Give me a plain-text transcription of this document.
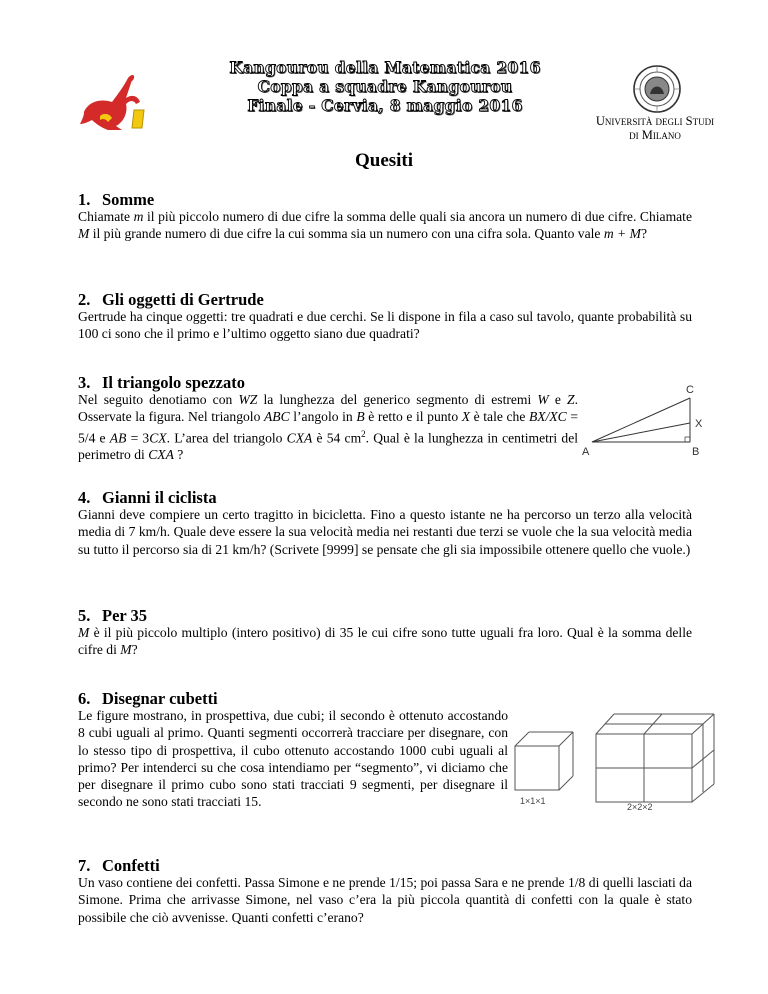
Kangourou della Matematica 2016
Coppa a squadre Kangourou
Finale - Cervia, 8 maggio 2016
Università degli Studi
di Milano
Quesiti
1. Somme

Chiamate m il più piccolo numero di due cifre la somma delle quali sia ancora un numero di due cifre. Chiamate M il più grande numero di due cifre la cui somma sia un numero con una cifra sola. Quanto vale m + M?

2. Gli oggetti di Gertrude
Gertrude ha cinque oggetti: tre quadrati e due cerchi. Se li dispone in fila a caso sul tavolo, quante probabilità su 100 ci sono che il primo e l’ultimo oggetto siano due quadrati?
3. Il triangolo spezzato

Nel seguito denotiamo con WZ la lunghezza del generico segmento di estremi W e Z. Osservate la figura. Nel triangolo ABC l’angolo in B è retto e il punto X è tale che BX/XC = 5/4 e AB = 3CX. L’area del triangolo CXA è 54 $cm^2$. Qual è la lunghezza in centimetri del perimetro di CXA ?

C
X
A	B
4. Gianni il ciclista
Gianni deve compiere un certo tragitto in bicicletta. Fino a questo istante ne ha percorso un terzo alla velocità media di 7 km/h. Quale deve essere la sua velocità media nei restanti due terzi se vuole che la sua velocità media su tutto il percorso sia di 21 km/h? (Scrivete [9999] se pensate che gli sia impossibile ottenere quello che vuole.)
5. Per 35

M è il più piccolo multiplo (intero positivo) di 35 le cui cifre sono tutte uguali fra loro. Qual è la somma delle cifre di M?

6. Disegnar cubetti
Le figure mostrano, in prospettiva, due cubi; il secondo è ottenuto accostando 8 cubi uguali al primo. Quanti segmenti occorrerà tracciare per disegnare, con lo stesso tipo di prospettiva, il cubo ottenuto accostando 1000 cubi uguali al primo? Per intenderci su che cosa intendiamo per “segmento”, vi diciamo che per disegnare il primo cubo sono stati tracciati 9 segmenti, per disegnare il secondo ne sono stati tracciati 15.	1×1×1
2×2×2
7. Confetti
Un vaso contiene dei confetti. Passa Simone e ne prende 1/15; poi passa Sara e ne prende 1/8 di quelli lasciati da Simone. Prima che arrivasse Simone, nel vaso c’era la più piccola quantità di confetti con la quale è stato possibile che ciò avvenisse. Quanti confetti c’erano?
